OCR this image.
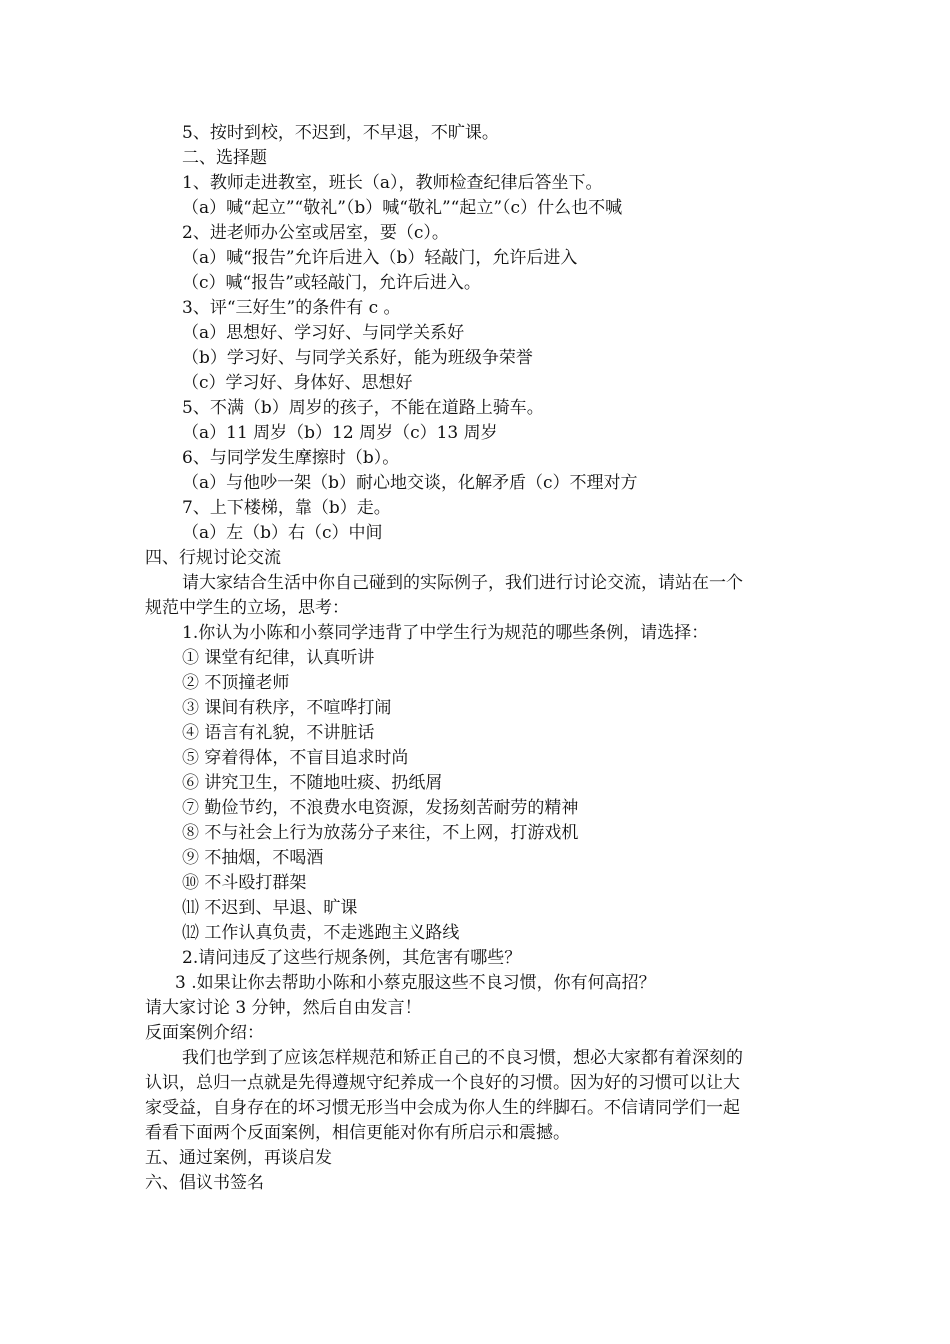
5、按时到校，不迟到，不早退，不旷课。
二、选择题
1、教师走进教室，班长（a），教师检查纪律后答坐下。
（a）喊“起立”“敬礼”（b）喊“敬礼”“起立”（c）什么也不喊
2、进老师办公室或居室，要（c）。
（a）喊“报告”允许后进入（b）轻敲门，允许后进入
（c）喊“报告”或轻敲门，允许后进入。
3、评“三好生”的条件有 c 。
（a）思想好、学习好、与同学关系好
（b）学习好、与同学关系好，能为班级争荣誉
（c）学习好、身体好、思想好
5、不满（b）周岁的孩子，不能在道路上骑车。
（a）11 周岁（b）12 周岁（c）13 周岁
6、与同学发生摩擦时（b）。
（a）与他吵一架（b）耐心地交谈，化解矛盾（c）不理对方
7、上下楼梯，靠（b）走。
（a）左（b）右（c）中间
四、行规讨论交流
请大家结合生活中你自己碰到的实际例子，我们进行讨论交流，请站在一个
规范中学生的立场，思考：
1.你认为小陈和小蔡同学违背了中学生行为规范的哪些条例，请选择：
① 课堂有纪律，认真听讲
② 不顶撞老师
③ 课间有秩序，不喧哗打闹
④ 语言有礼貌，不讲脏话
⑤ 穿着得体，不盲目追求时尚
⑥ 讲究卫生，不随地吐痰、扔纸屑
⑦ 勤俭节约，不浪费水电资源，发扬刻苦耐劳的精神
⑧ 不与社会上行为放荡分子来往，不上网，打游戏机
⑨ 不抽烟，不喝酒
⑩ 不斗殴打群架
⑾ 不迟到、早退、旷课
⑿ 工作认真负责，不走逃跑主义路线
2.请问违反了这些行规条例，其危害有哪些？
3 .如果让你去帮助小陈和小蔡克服这些不良习惯，你有何高招？
请大家讨论 3 分钟，然后自由发言！
反面案例介绍：
我们也学到了应该怎样规范和矫正自己的不良习惯，想必大家都有着深刻的
认识，总归一点就是先得遵规守纪养成一个良好的习惯。因为好的习惯可以让大
家受益，自身存在的坏习惯无形当中会成为你人生的绊脚石。不信请同学们一起
看看下面两个反面案例，相信更能对你有所启示和震撼。
五、通过案例，再谈启发
六、倡议书签名
